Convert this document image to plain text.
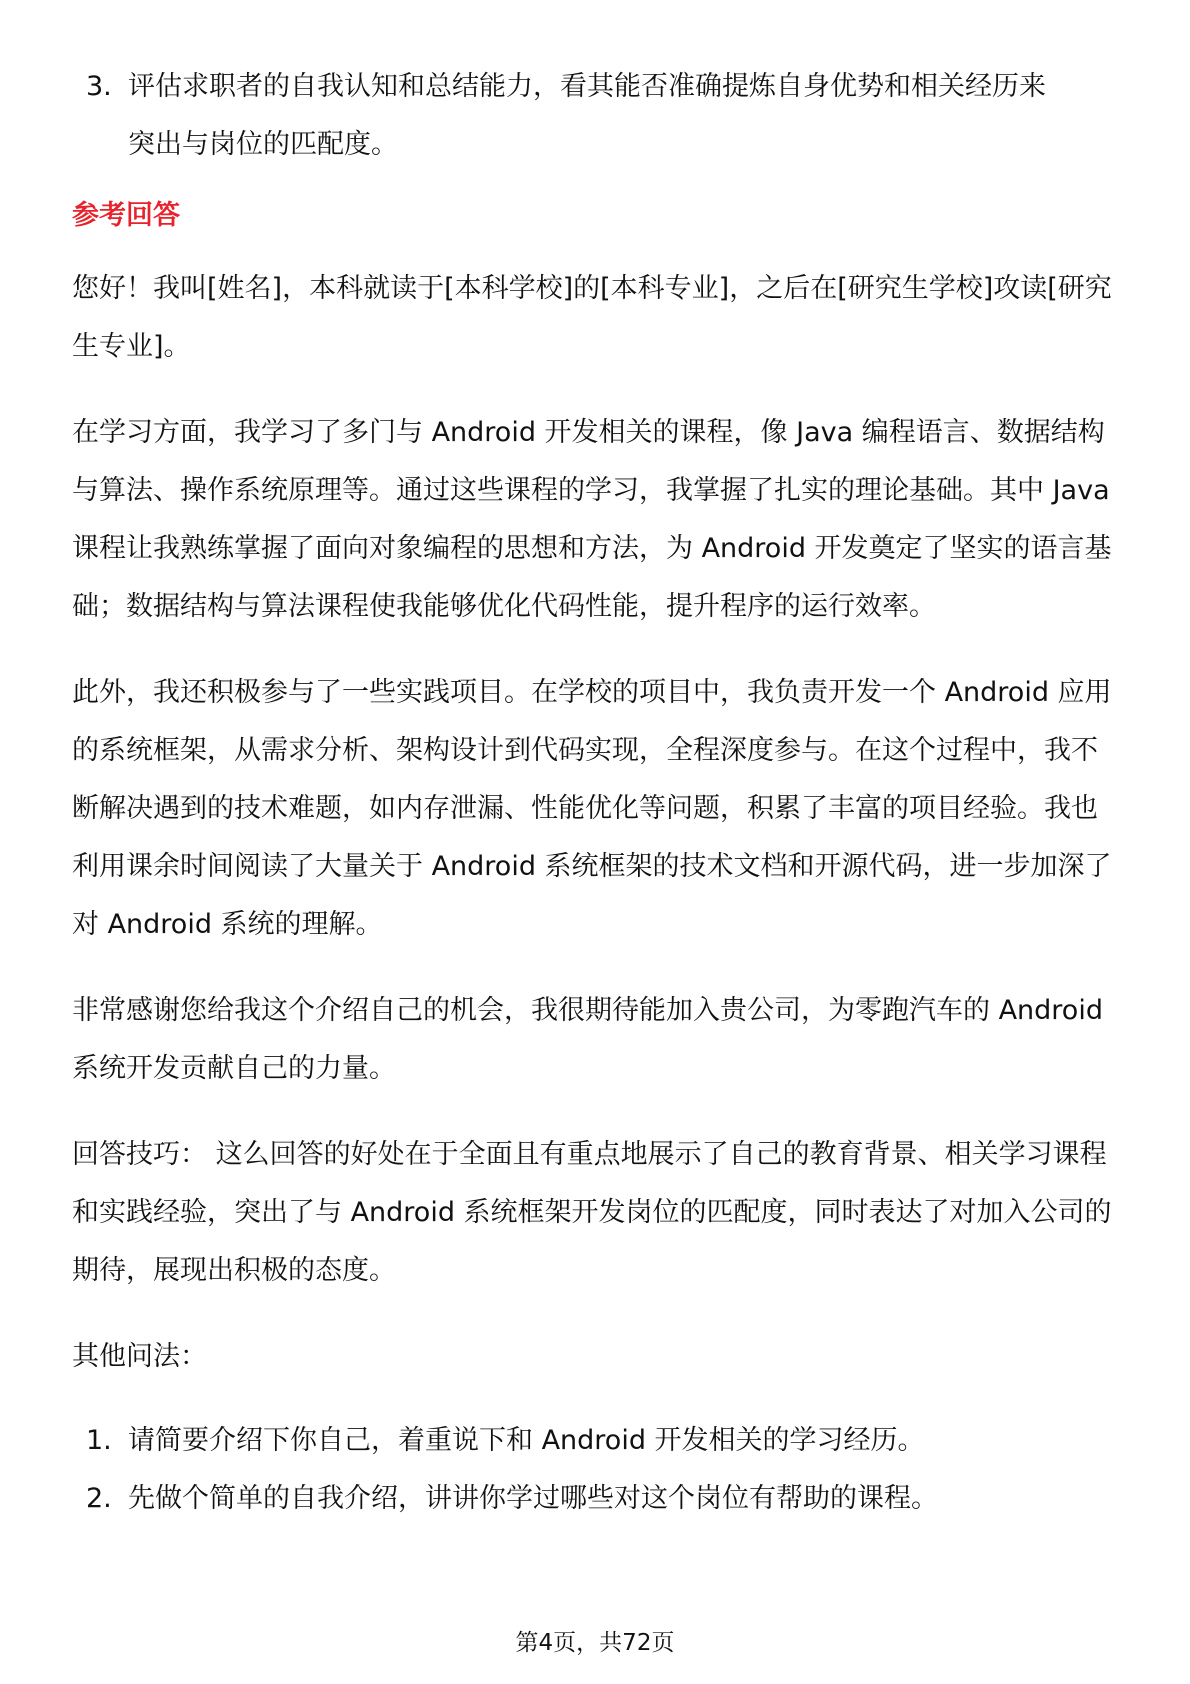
3. 评估求职者的自我认知和总结能力，看其能否准确提炼自身优势和相关经历来
突出与岗位的匹配度。
参考回答

您好！我叫[姓名]，本科就读于[本科学校]的[本科专业]，之后在[研究生学校]攻读[研究生专业]。

在学习方面，我学习了多门与 Android 开发相关的课程，像 Java 编程语言、数据结构与算法、操作系统原理等。通过这些课程的学习，我掌握了扎实的理论基础。其中 Java 课程让我熟练掌握了面向对象编程的思想和方法，为 Android 开发奠定了坚实的语言基础；数据结构与算法课程使我能够优化代码性能，提升程序的运行效率。

此外，我还积极参与了一些实践项目。在学校的项目中，我负责开发一个 Android 应用的系统框架，从需求分析、架构设计到代码实现，全程深度参与。在这个过程中，我不断解决遇到的技术难题，如内存泄漏、性能优化等问题，积累了丰富的项目经验。我也利用课余时间阅读了大量关于 Android 系统框架的技术文档和开源代码，进一步加深了对 Android 系统的理解。

非常感谢您给我这个介绍自己的机会，我很期待能加入贵公司，为零跑汽车的 Android 系统开发贡献自己的力量。

回答技巧： 这么回答的好处在于全面且有重点地展示了自己的教育背景、相关学习课程和实践经验，突出了与 Android 系统框架开发岗位的匹配度，同时表达了对加入公司的期待，展现出积极的态度。

其他问法：

1. 请简要介绍下你自己，着重说下和 Android 开发相关的学习经历。
2. 先做个简单的自我介绍，讲讲你学过哪些对这个岗位有帮助的课程。
第4页，共72页
